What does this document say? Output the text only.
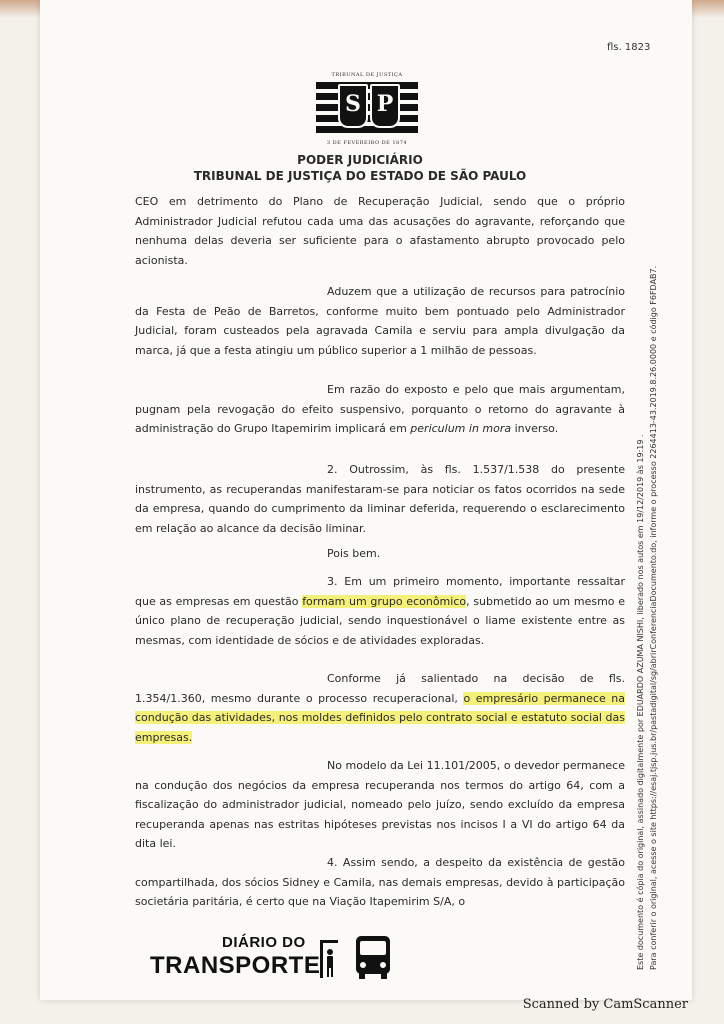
fls. 1823
TRIBUNAL DE JUSTIÇA
S P
3 DE FEVEREIRO DE 1874
PODER JUDICIÁRIO
TRIBUNAL DE JUSTIÇA DO ESTADO DE SÃO PAULO

CEO em detrimento do Plano de Recuperação Judicial, sendo que o próprio Administrador Judicial refutou cada uma das acusações do agravante, reforçando que nenhuma delas deveria ser suficiente para o afastamento abrupto provocado pelo acionista.

Aduzem que a utilização de recursos para patrocínio da Festa de Peão de Barretos, conforme muito bem pontuado pelo Administrador Judicial, foram custeados pela agravada Camila e serviu para ampla divulgação da marca, já que a festa atingiu um público superior a 1 milhão de pessoas.

Em razão do exposto e pelo que mais argumentam, pugnam pela revogação do efeito suspensivo, porquanto o retorno do agravante à administração do Grupo Itapemirim implicará em periculum in mora inverso.

2. Outrossim, às fls. 1.537/1.538 do presente instrumento, as recuperandas manifestaram-se para noticiar os fatos ocorridos na sede da empresa, quando do cumprimento da liminar deferida, requerendo o esclarecimento em relação ao alcance da decisão liminar.

Pois bem.

3. Em um primeiro momento, importante ressaltar que as empresas em questão formam um grupo econômico, submetido ao um mesmo e único plano de recuperação judicial, sendo inquestionável o liame existente entre as mesmas, com identidade de sócios e de atividades exploradas.

Conforme já salientado na decisão de fls. 1.354/1.360, mesmo durante o processo recuperacional, o empresário permanece na condução das atividades, nos moldes definidos pelo contrato social e estatuto social das empresas.

No modelo da Lei 11.101/2005, o devedor permanece na condução dos negócios da empresa recuperanda nos termos do artigo 64, com a fiscalização do administrador judicial, nomeado pelo juízo, sendo excluído da empresa recuperanda apenas nas estritas hipóteses previstas nos incisos I a VI do artigo 64 da dita lei.

4. Assim sendo, a despeito da existência de gestão compartilhada, dos sócios Sidney e Camila, nas demais empresas, devido à participação societária paritária, é certo que na Viação Itapemirim S/A, o	Este documento é cópia do original, assinado digitalmente por EDUARDO AZUMA NISHI, liberado nos autos em 19/12/2019 às 19:19 . Para conferir o original, acesse o site https://esaj.tjsp.jus.br/pastadigital/sg/abrirConferenciaDocumento.do, informe o processo 2264413-43.2019.8.26.0000 e código F6FDAB7.
DIÁRIO DO
TRANSPORTE
Scanned by CamScanner
